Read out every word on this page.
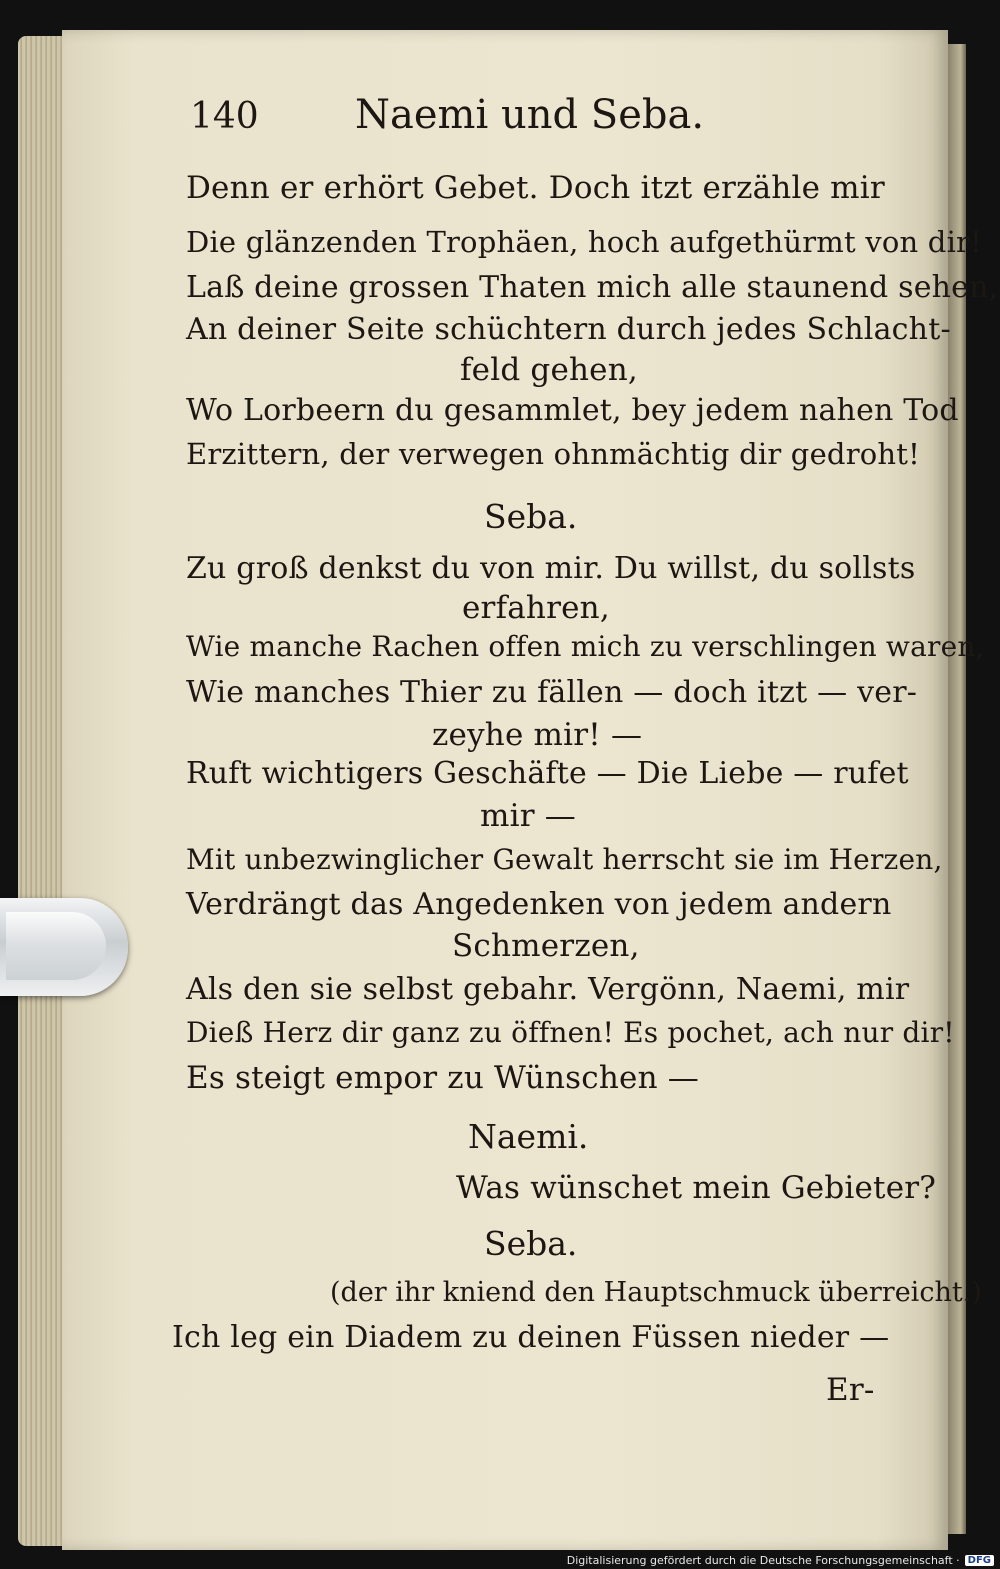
140 Naemi und Seba.
Denn er erhört Gebet. Doch itzt erzähle mir
Die glänzenden Trophäen, hoch aufgethürmt von dir!
Laß deine grossen Thaten mich alle staunend sehen,
An deiner Seite schüchtern durch jedes Schlacht-
feld gehen,
Wo Lorbeern du gesammlet, bey jedem nahen Tod
Erzittern, der verwegen ohnmächtig dir gedroht!
Seba.
Zu groß denkst du von mir. Du willst, du sollsts
erfahren,
Wie manche Rachen offen mich zu verschlingen waren,
Wie manches Thier zu fällen — doch itzt — ver-
zeyhe mir! —
Ruft wichtigers Geschäfte — Die Liebe — rufet
mir —
Mit unbezwinglicher Gewalt herrscht sie im Herzen,
Verdrängt das Angedenken von jedem andern
Schmerzen,
Als den sie selbst gebahr. Vergönn, Naemi, mir
Dieß Herz dir ganz zu öffnen! Es pochet, ach nur dir!
Es steigt empor zu Wünschen —
Naemi.
Was wünschet mein Gebieter?
Seba.
(der ihr kniend den Hauptschmuck überreicht.)
Ich leg ein Diadem zu deinen Füssen nieder —
Er-
Digitalisierung gefördert durch die Deutsche Forschungsgemeinschaft · DFG
